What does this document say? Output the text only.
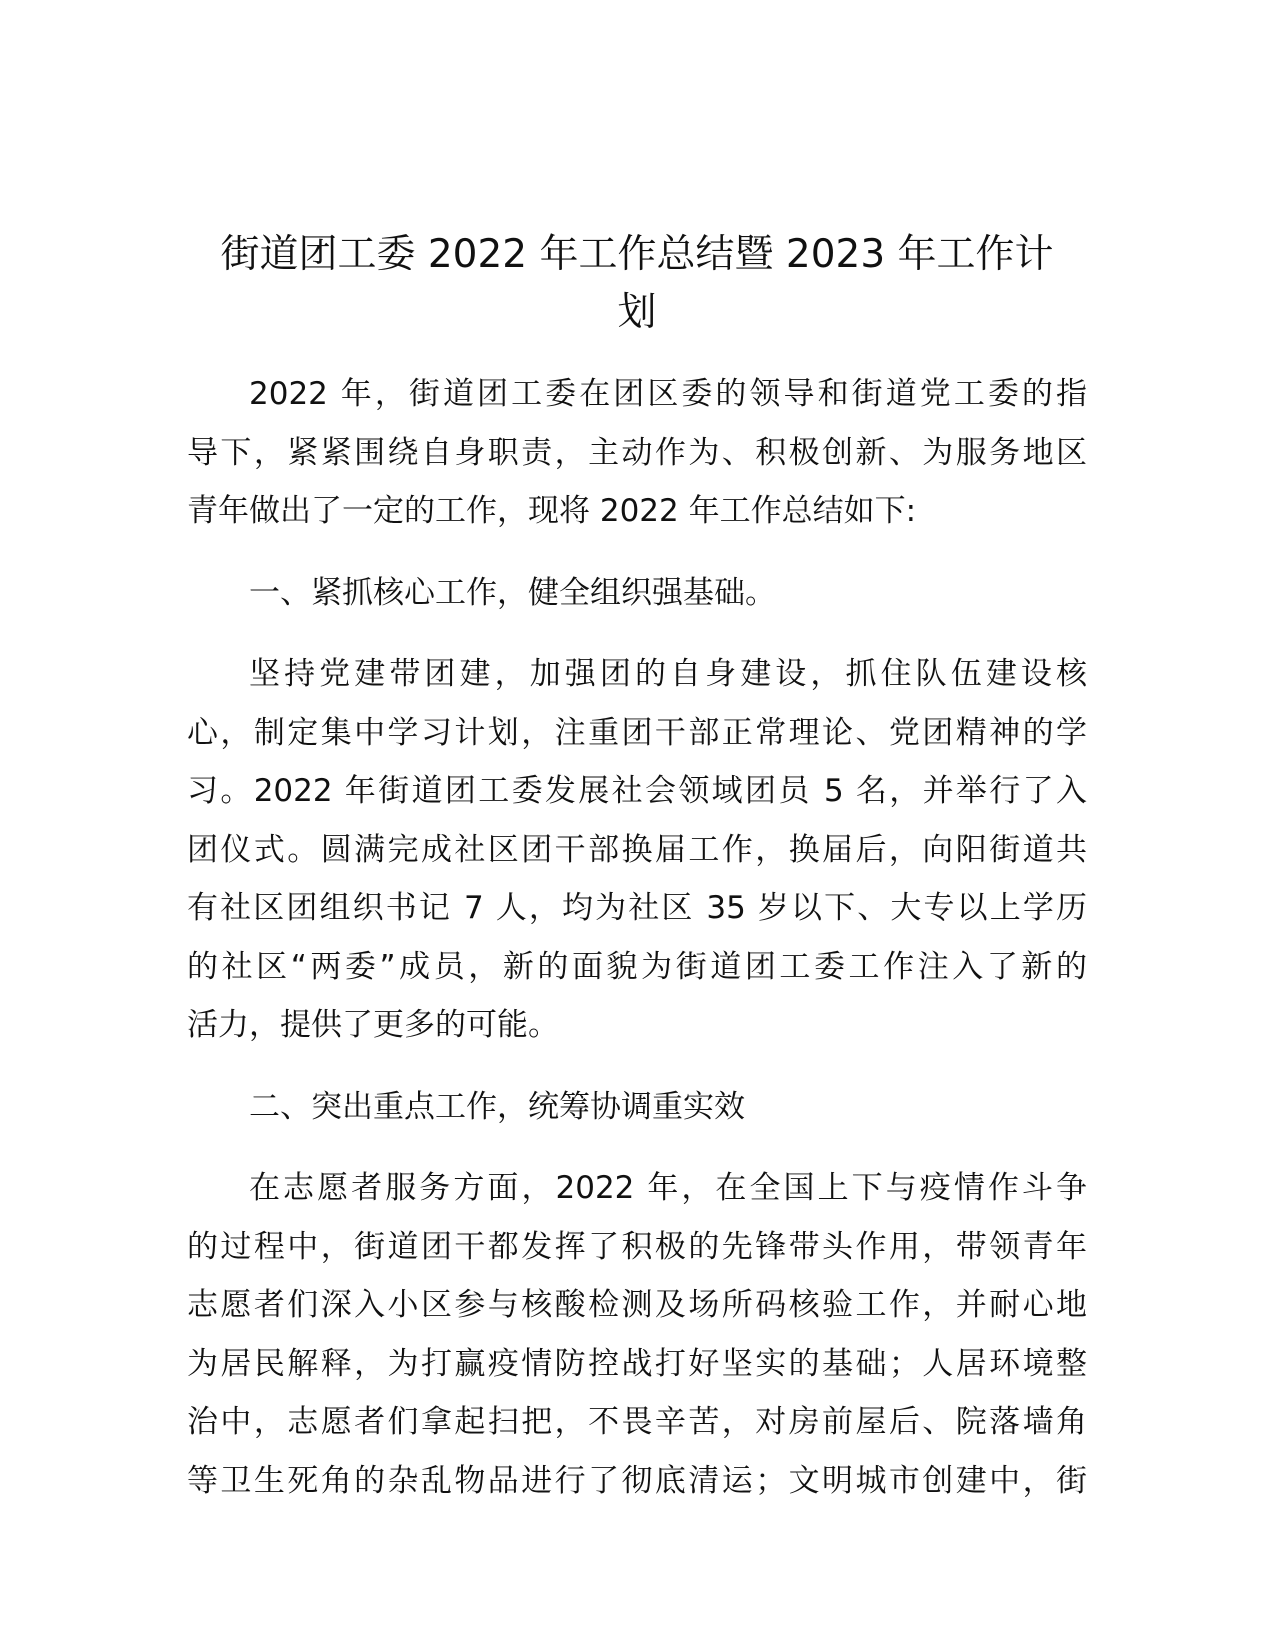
街道团工委 2022 年工作总结暨 2023 年工作计
划
2022 年，街道团工委在团区委的领导和街道党工委的指
导下，紧紧围绕自身职责，主动作为、积极创新、为服务地区
青年做出了一定的工作，现将 2022 年工作总结如下:
一、紧抓核心工作，健全组织强基础。
坚持党建带团建，加强团的自身建设，抓住队伍建设核
心，制定集中学习计划，注重团干部正常理论、党团精神的学
习。2022 年街道团工委发展社会领域团员 5 名，并举行了入
团仪式。圆满完成社区团干部换届工作，换届后，向阳街道共
有社区团组织书记 7 人，均为社区 35 岁以下、大专以上学历
的社区“两委”成员，新的面貌为街道团工委工作注入了新的
活力，提供了更多的可能。
二、突出重点工作，统筹协调重实效
在志愿者服务方面，2022 年，在全国上下与疫情作斗争
的过程中，街道团干都发挥了积极的先锋带头作用，带领青年
志愿者们深入小区参与核酸检测及场所码核验工作，并耐心地
为居民解释，为打赢疫情防控战打好坚实的基础；人居环境整
治中，志愿者们拿起扫把，不畏辛苦，对房前屋后、院落墙角
等卫生死角的杂乱物品进行了彻底清运；文明城市创建中，街
